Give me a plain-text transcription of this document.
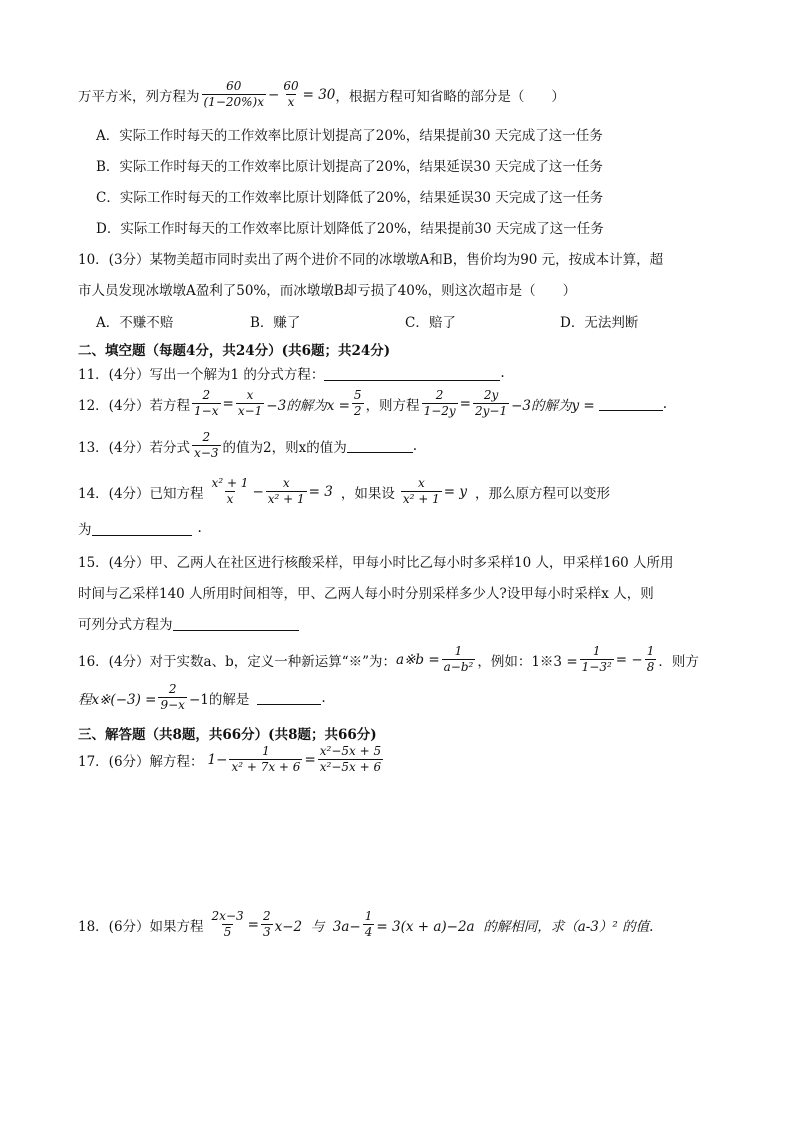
万平方米，列方程为 $\frac{60}{(1-20\%)x} - \frac{60}{x} = 30$ ，根据方程可知省略的部分是（　　）
A．实际工作时每天的工作效率比原计划提高了20%，结果提前30 天完成了这一任务
B．实际工作时每天的工作效率比原计划提高了20%，结果延误30 天完成了这一任务
C．实际工作时每天的工作效率比原计划降低了20%，结果延误30 天完成了这一任务
D．实际工作时每天的工作效率比原计划降低了20%，结果提前30 天完成了这一任务
10．(3分）某物美超市同时卖出了两个进价不同的冰墩墩A和B，售价均为90 元，按成本计算，超
市人员发现冰墩墩A盈利了50%，而冰墩墩B却亏损了40%，则这次超市是（　　）
A．不赚不赔	B．赚了	C．赔了	D．无法判断
二、填空题（每题4分，共24分）(共6题；共24分)
11．(4分）写出一个解为1 的分式方程：	.
12．(4分）若方程 $\frac{2}{1-x} = \frac{x}{x-1} -3$的解为$x = \frac{5}{2}$ ，则方程 $\frac{2}{1-2y} = \frac{2y}{2y-1} -3$的解为y =	.
13．(4分）若分式 $\frac{2}{x-3}$ 的值为2，则x的值为	.
14．(4分）已知方程 $\frac{\text{x² + 1}}{x} - \frac{x}{\text{x² + 1}} = 3$ ，如果设 $\frac{x}{\text{x² + 1}} = y$ ，那么原方程可以变形
为	.
15．(4分）甲、乙两人在社区进行核酸采样，甲每小时比乙每小时多采样10 人，甲采样160 人所用
时间与乙采样140 人所用时间相等，甲、乙两人每小时分别采样多少人?设甲每小时采样x 人，则
可列分式方程为
16．(4分）对于实数a、b，定义一种新运算“※”为： a※b = $\frac{1}{\text{a−b²}}$ ，例如：1※3 = $\frac{1}{\text{1−3²}}$ = − $\frac{1}{8}$ ．则方
程x※(−3) = $\frac{2}{9-x} -1$的解是	.
三、解答题（共8题，共66分）(共8题；共66分)
17．(6分）解方程： $1- \frac{1}{\text{x² + 7x + 6}} = \frac{\text{x²−5x + 5}}{\text{x²−5x + 6}}$
18．(6分）如果方程 $\frac{2x-3}{5} = \frac{2}{3} x-2$  与  $3a- \frac{1}{4} = 3(x + a)-2a$  的解相同，求（a-3）² 的值.
